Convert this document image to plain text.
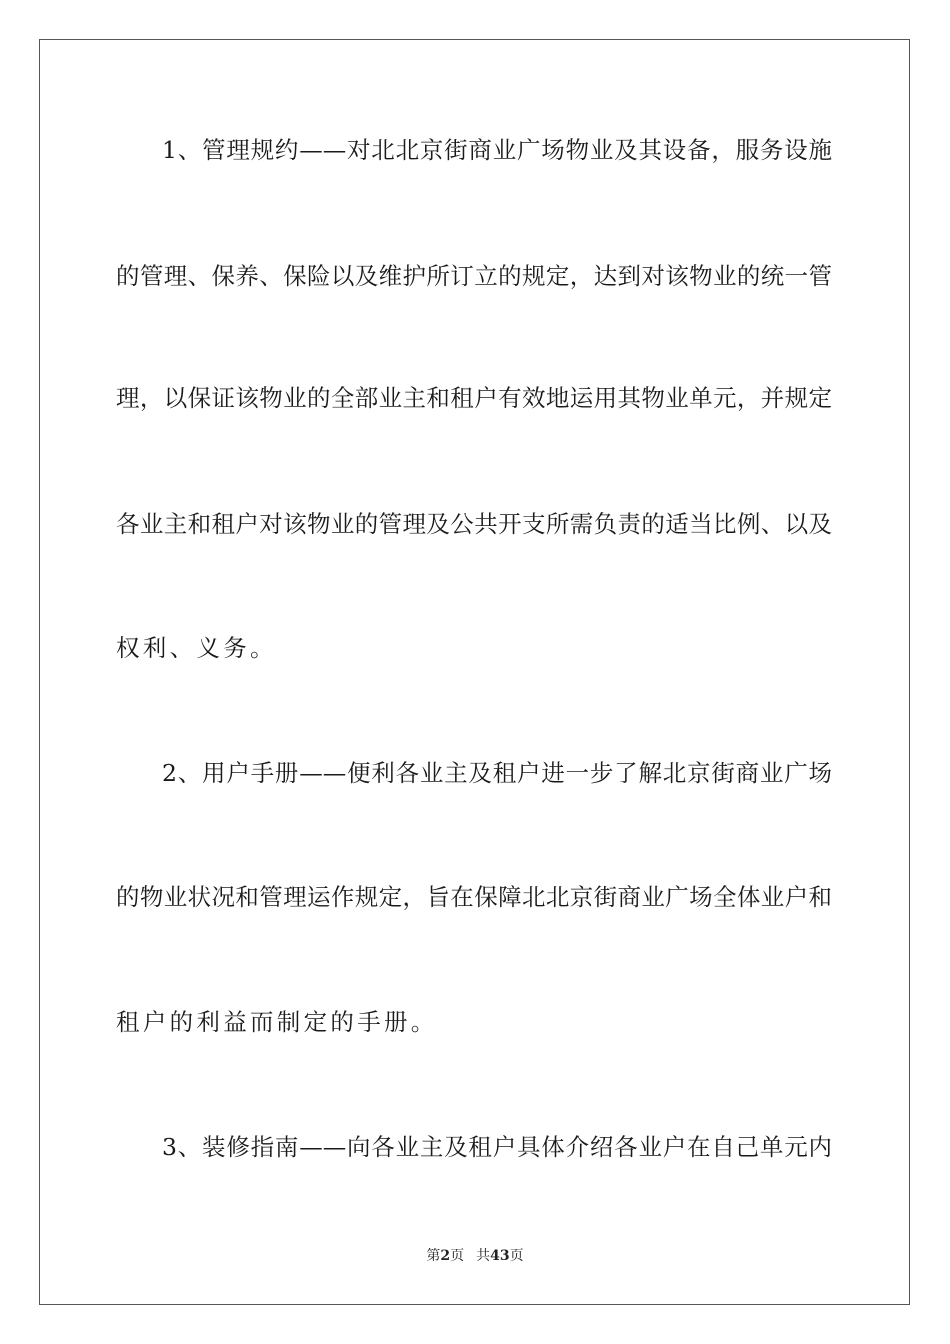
1、管理规约——对北北京街商业广场物业及其设备，服务设施
的管理、保养、保险以及维护所订立的规定，达到对该物业的统一管
理，以保证该物业的全部业主和租户有效地运用其物业单元，并规定
各业主和租户对该物业的管理及公共开支所需负责的适当比例、以及
权利、义务。
2、用户手册——便利各业主及租户进一步了解北京街商业广场
的物业状况和管理运作规定，旨在保障北北京街商业广场全体业户和
租户的利益而制定的手册。
3、装修指南——向各业主及租户具体介绍各业户在自己单元内
第2页 共43页
